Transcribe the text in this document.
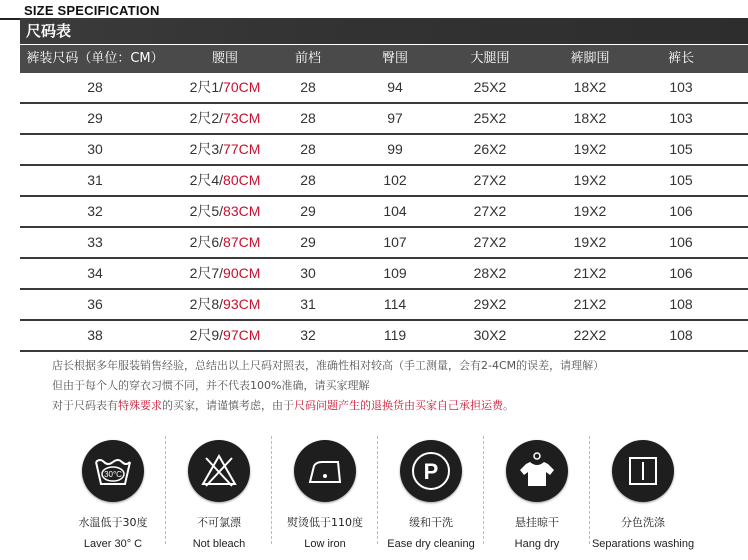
SIZE SPECIFICATION
尺码表
裤装尺码（单位：CM）	腰围	前档	臀围	大腿围	裤脚围	裤长
28	2尺1/70CM	28	94	25X2	18X2	103
29	2尺2/73CM	28	97	25X2	18X2	103
30	2尺3/77CM	28	99	26X2	19X2	105
31	2尺4/80CM	28	102	27X2	19X2	105
32	2尺5/83CM	29	104	27X2	19X2	106
33	2尺6/87CM	29	107	27X2	19X2	106
34	2尺7/90CM	30	109	28X2	21X2	106
36	2尺8/93CM	31	114	29X2	21X2	108
38	2尺9/97CM	32	119	30X2	22X2	108
店长根据多年服装销售经验，总结出以上尺码对照表，准确性相对较高（手工测量，会有2-4CM的误差，请理解）
但由于每个人的穿衣习惯不同，并不代表100%准确，请买家理解
对于尺码表有特殊要求的买家，请谨慎考虑，由于尺码问题产生的退换货由买家自己承担运费。
30°C
水温低于30度
Laver 30° C
不可氯漂
Not bleach
熨烫低于110度
Low iron
P
缓和干洗
Ease dry cleaning
悬挂晾干
Hang dry
分色洗涤
Separations washing
